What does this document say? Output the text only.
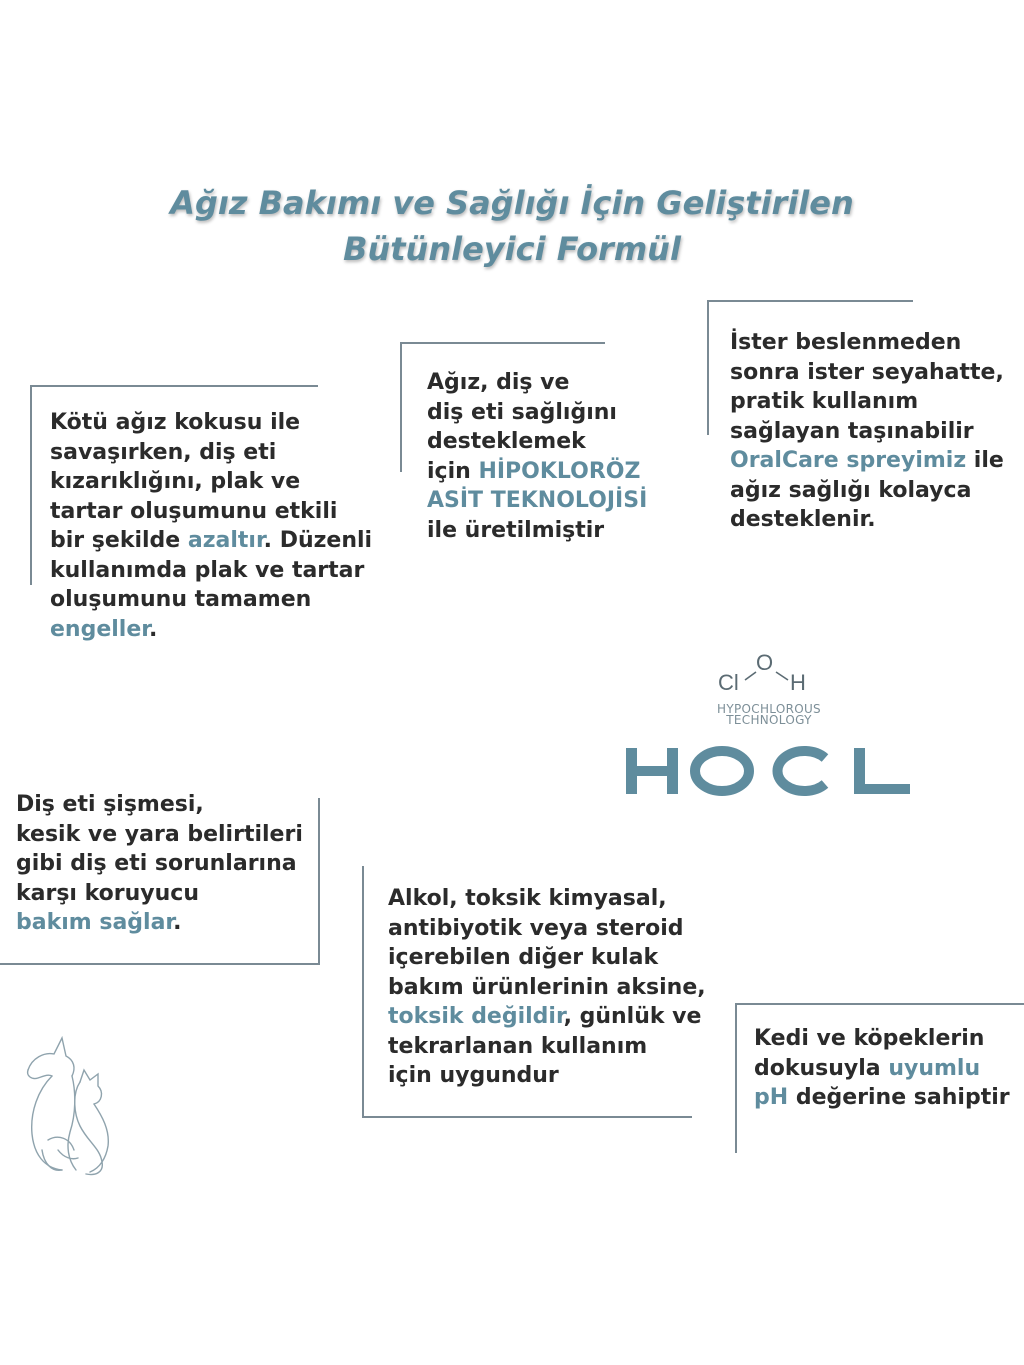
Ağız Bakımı ve Sağlığı İçin Geliştirilen
Bütünleyici Formül
Kötü ağız kokusu ile
savaşırken, diş eti
kızarıklığını, plak ve
tartar oluşumunu etkili
bir şekilde azaltır. Düzenli
kullanımda plak ve tartar
oluşumunu tamamen
engeller.
Ağız, diş ve
diş eti sağlığını
desteklemek
için HİPOKLORÖZ
ASİT TEKNOLOJİSİ
ile üretilmiştir
İster beslenmeden
sonra ister seyahatte,
pratik kullanım
sağlayan taşınabilir
OralCare spreyimiz ile
ağız sağlığı kolayca
desteklenir.
Cl
O
H
HYPOCHLOROUS
TECHNOLOGY
Diş eti şişmesi,
kesik ve yara belirtileri
gibi diş eti sorunlarına
karşı koruyucu
bakım sağlar.
Alkol, toksik kimyasal,
antibiyotik veya steroid
içerebilen diğer kulak
bakım ürünlerinin aksine,
toksik değildir, günlük ve
tekrarlanan kullanım
için uygundur
Kedi ve köpeklerin
dokusuyla uyumlu
pH değerine sahiptir
